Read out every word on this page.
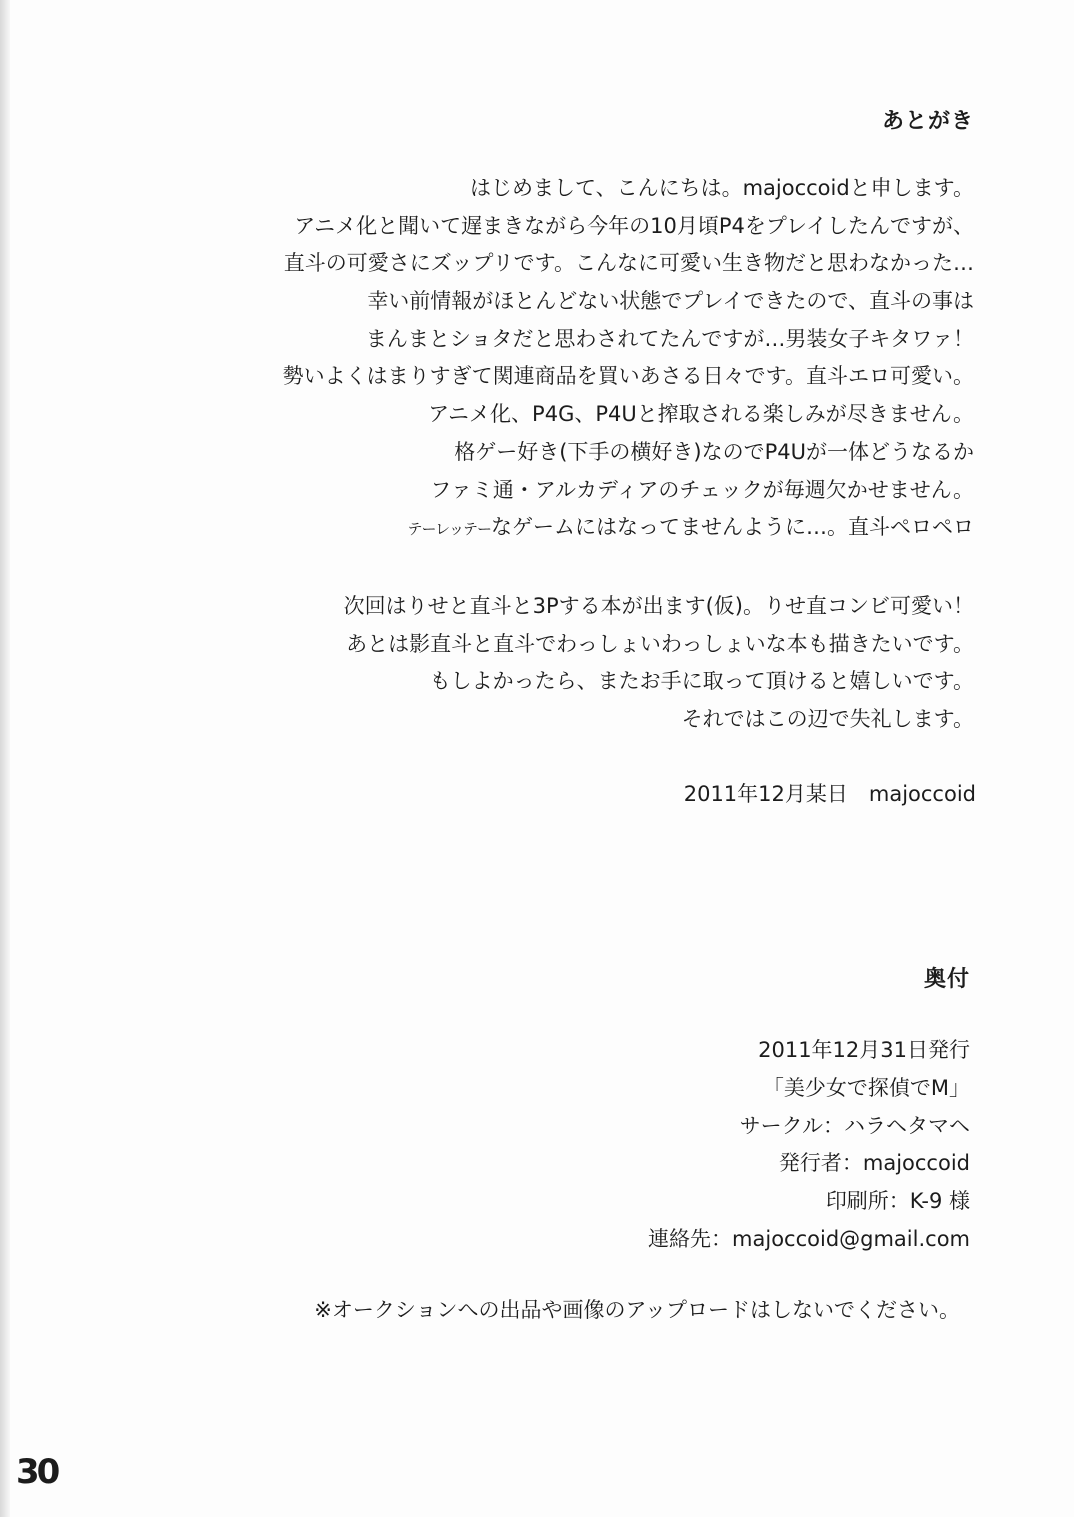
あとがき
はじめまして、こんにちは。majoccoidと申します。
アニメ化と聞いて遅まきながら今年の10月頃P4をプレイしたんですが、
直斗の可愛さにズップリです。こんなに可愛い生き物だと思わなかった…
幸い前情報がほとんどない状態でプレイできたので、直斗の事は
まんまとショタだと思わされてたんですが…男装女子キタワァ！
勢いよくはまりすぎて関連商品を買いあさる日々です。直斗エロ可愛い。
アニメ化、P4G、P4Uと搾取される楽しみが尽きません。
格ゲー好き(下手の横好き)なのでP4Uが一体どうなるか
ファミ通・アルカディアのチェックが毎週欠かせません。
テーレッテーなゲームにはなってませんように…。直斗ペロペロ
次回はりせと直斗と3Pする本が出ます(仮)。りせ直コンビ可愛い！
あとは影直斗と直斗でわっしょいわっしょいな本も描きたいです。
もしよかったら、またお手に取って頂けると嬉しいです。
それではこの辺で失礼します。
2011年12月某日　majoccoid
奥付
2011年12月31日発行
「美少女で探偵でM」
サークル：ハラヘタマヘ
発行者：majoccoid
印刷所：K-9 様
連絡先：majoccoid@gmail.com
※オークションへの出品や画像のアップロードはしないでください。
30
